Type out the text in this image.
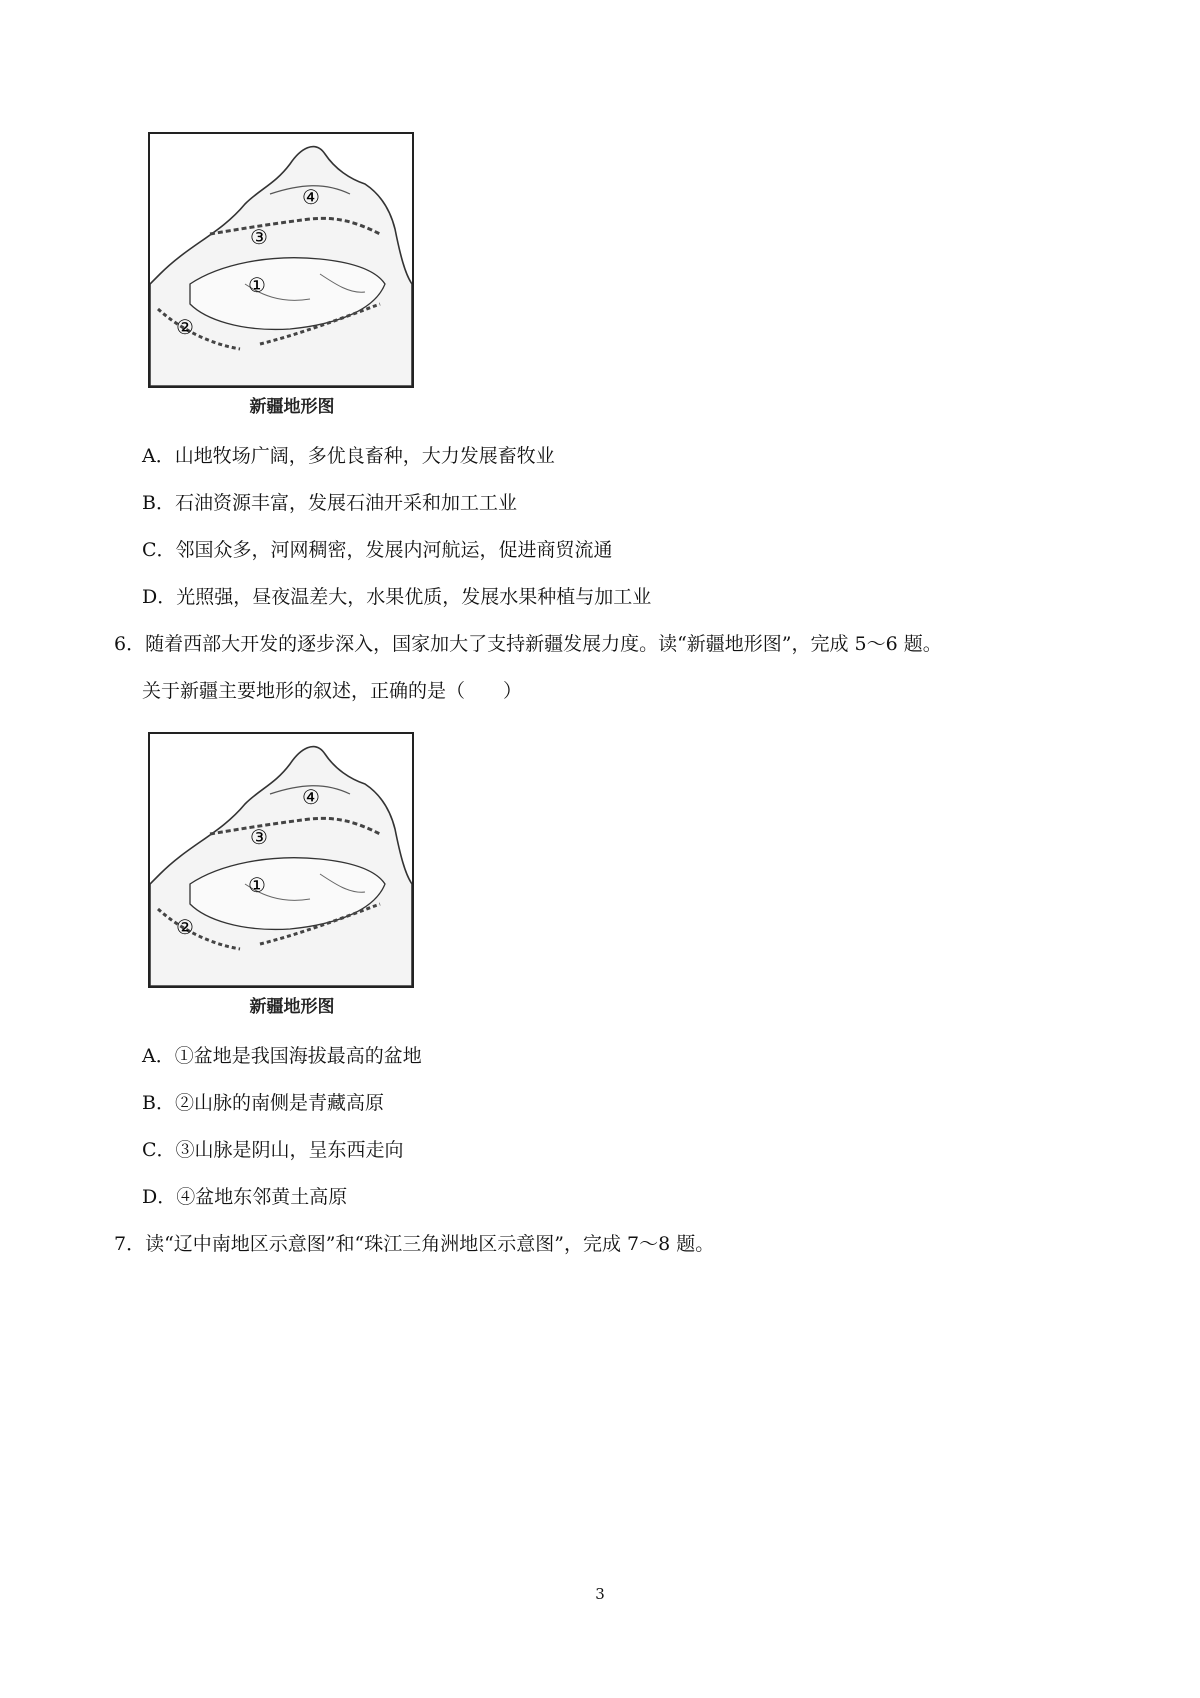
①
②
③
④
新疆地形图
A．山地牧场广阔，多优良畜种，大力发展畜牧业
B．石油资源丰富，发展石油开采和加工工业
C．邻国众多，河网稠密，发展内河航运，促进商贸流通
D．光照强，昼夜温差大，水果优质，发展水果种植与加工业
6．随着西部大开发的逐步深入，国家加大了支持新疆发展力度。读“新疆地形图”，完成 5～6 题。
关于新疆主要地形的叙述，正确的是（　　）
①
②
③
④
新疆地形图
A．①盆地是我国海拔最高的盆地
B．②山脉的南侧是青藏高原
C．③山脉是阴山，呈东西走向
D．④盆地东邻黄土高原
7．读“辽中南地区示意图”和“珠江三角洲地区示意图”，完成 7～8 题。
3
